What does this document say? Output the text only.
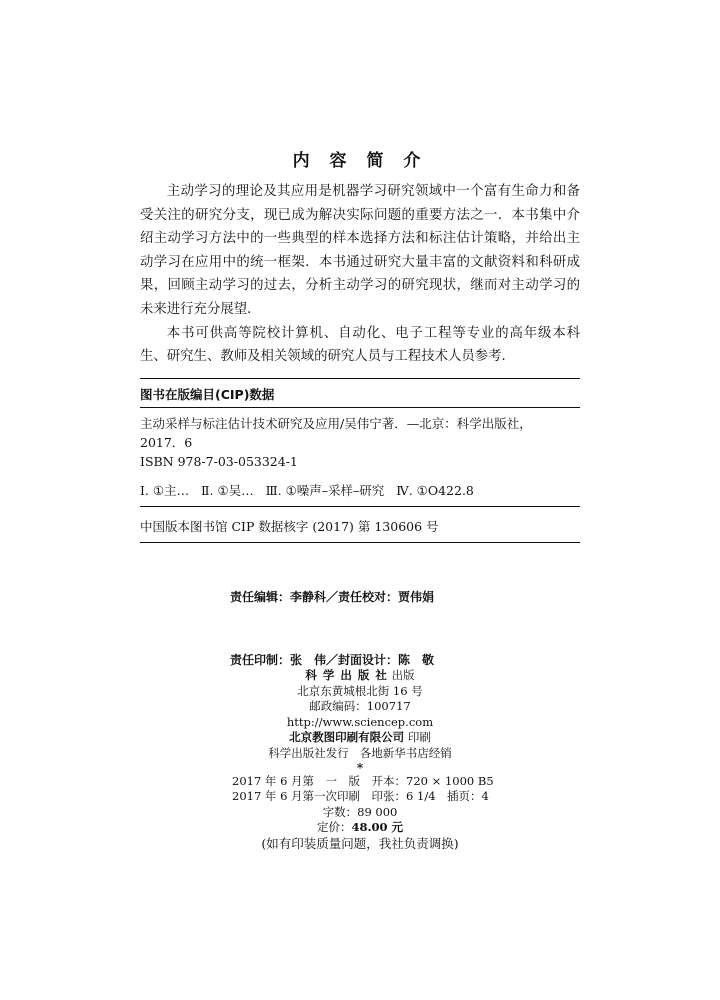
内 容 简 介

主动学习的理论及其应用是机器学习研究领域中一个富有生命力和备受关注的研究分支，现已成为解决实际问题的重要方法之一．本书集中介绍主动学习方法中的一些典型的样本选择方法和标注估计策略，并给出主动学习在应用中的统一框架．本书通过研究大量丰富的文献资料和科研成果，回顾主动学习的过去，分析主动学习的研究现状，继而对主动学习的未来进行充分展望．

本书可供高等院校计算机、自动化、电子工程等专业的高年级本科生、研究生、教师及相关领域的研究人员与工程技术人员参考．

图书在版编目(CIP)数据
主动采样与标注估计技术研究及应用/吴伟宁著．—北京：科学出版社，
2017．6
ISBN 978-7-03-053324-1
Ⅰ. ①主…   Ⅱ. ①吴…   Ⅲ. ①噪声–采样–研究   Ⅳ. ①O422.8
中国版本图书馆 CIP 数据核字 (2017) 第 130606 号

责任编辑：李静科／责任校对：贾伟娟

责任印制：张　伟／封面设计：陈　敬

科 学 出 版 社 出版
北京东黄城根北街 16 号
邮政编码：100717
http://www.sciencep.com
北京教图印刷有限公司 印刷
科学出版社发行   各地新华书店经销
*
2017 年 6 月第　一　版　开本：720 × 1000 B5
2017 年 6 月第一次印刷　印张：6 1/4　插页：4
字数：89 000
定价：48.00 元
(如有印装质量问题，我社负责调换)
